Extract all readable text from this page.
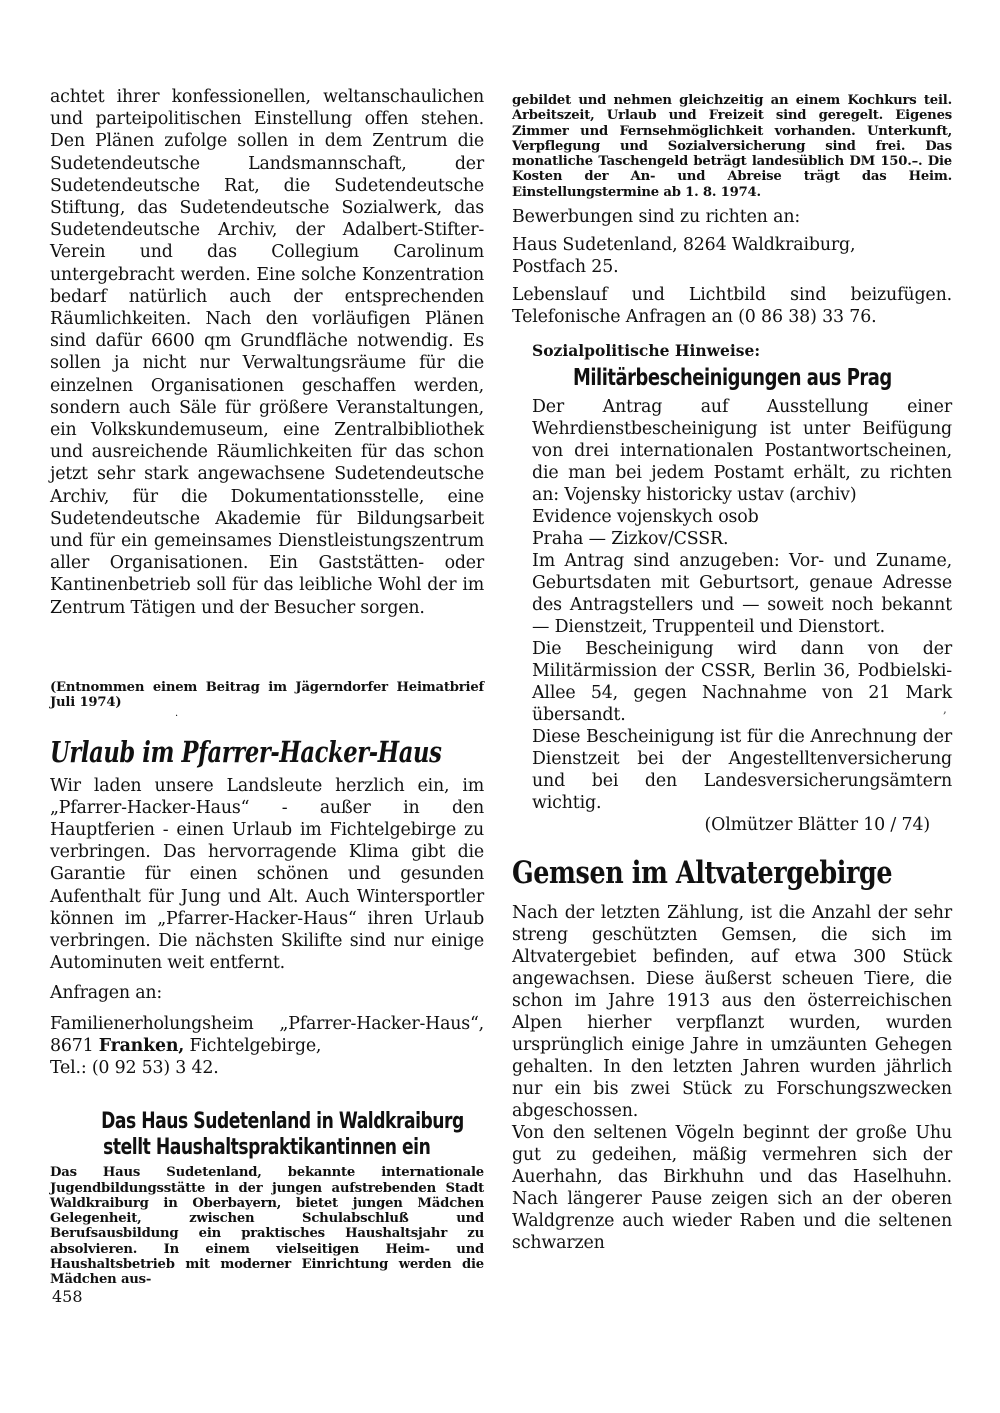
achtet ihrer konfessionellen, weltanschaulichen und parteipolitischen Einstellung offen stehen. Den Plänen zufolge sollen in dem Zentrum die Sudetendeutsche Landsmannschaft, der Sudetendeutsche Rat, die Sudetendeutsche Stiftung, das Sudetendeutsche Sozialwerk, das Sudetendeutsche Archiv, der Adalbert-Stifter-Verein und das Collegium Carolinum untergebracht werden. Eine solche Konzentration bedarf natürlich auch der entsprechenden Räumlichkeiten. Nach den vorläufigen Plänen sind dafür 6600 qm Grundfläche notwendig. Es sollen ja nicht nur Verwaltungsräume für die einzelnen Organisationen geschaffen werden, sondern auch Säle für größere Veranstaltungen, ein Volkskundemuseum, eine Zentralbibliothek und ausreichende Räumlichkeiten für das schon jetzt sehr stark angewachsene Sudetendeutsche Archiv, für die Dokumentationsstelle, eine Sudetendeutsche Akademie für Bildungsarbeit und für ein gemeinsames Dienstleistungszentrum aller Organisationen. Ein Gaststätten- oder Kantinenbetrieb soll für das leibliche Wohl der im Zentrum Tätigen und der Besucher sorgen.

(Entnommen einem Beitrag im Jägerndorfer Heimatbrief Juli 1974)

Urlaub im Pfarrer-Hacker-Haus

Wir laden unsere Landsleute herzlich ein, im „Pfarrer-Hacker-Haus“ - außer in den Hauptferien - einen Urlaub im Fichtelgebirge zu verbringen. Das hervorragende Klima gibt die Garantie für einen schönen und gesunden Aufenthalt für Jung und Alt. Auch Wintersportler können im „Pfarrer-Hacker-Haus“ ihren Urlaub verbringen. Die nächsten Skilifte sind nur einige Autominuten weit entfernt.

Anfragen an:

Familienerholungsheim „Pfarrer-Hacker-Haus“, 8671 Franken, Fichtelgebirge,

Tel.: (0 92 53) 3 42.

Das Haus Sudetenland in Waldkraiburg
stellt Haushaltspraktikantinnen ein

Das Haus Sudetenland, bekannte internationale Jugendbildungsstätte in der jungen aufstrebenden Stadt Waldkraiburg in Oberbayern, bietet jungen Mädchen Gelegenheit, zwischen Schulabschluß und Berufsausbildung ein praktisches Haushaltsjahr zu absolvieren. In einem vielseitigen Heim- und Haushaltsbetrieb mit moderner Einrichtung werden die Mädchen aus-

gebildet und nehmen gleichzeitig an einem Kochkurs teil. Arbeitszeit, Urlaub und Freizeit sind geregelt. Eigenes Zimmer und Fernsehmöglichkeit vorhanden. Unterkunft, Verpflegung und Sozialversicherung sind frei. Das monatliche Taschengeld beträgt landesüblich DM 150.–. Die Kosten der An- und Abreise trägt das Heim. Einstellungstermine ab 1. 8. 1974.

Bewerbungen sind zu richten an:

Haus Sudetenland, 8264 Waldkraiburg, Postfach 25.

Lebenslauf und Lichtbild sind beizufügen. Telefonische Anfragen an (0 86 38) 33 76.

Sozialpolitische Hinweise:
Militärbescheinigungen aus Prag

Der Antrag auf Ausstellung einer Wehrdienstbescheinigung ist unter Beifügung von drei internationalen Postantwortscheinen, die man bei jedem Postamt erhält, zu richten an: Vojensky historicky ustav (archiv)

Evidence vojenskych osob

Praha — Zizkov/CSSR.

Im Antrag sind anzugeben: Vor- und Zuname, Geburtsdaten mit Geburtsort, genaue Adresse des Antragstellers und — soweit noch bekannt — Dienstzeit, Truppenteil und Dienstort.

Die Bescheinigung wird dann von der Militärmission der CSSR, Berlin 36, Podbielski-Allee 54, gegen Nachnahme von 21 Mark übersandt.

Diese Bescheinigung ist für die Anrechnung der Dienstzeit bei der Angestelltenversicherung und bei den Landesversicherungsämtern wichtig.

(Olmützer Blätter 10 / 74)

Gemsen im Altvatergebirge

Nach der letzten Zählung, ist die Anzahl der sehr streng geschützten Gemsen, die sich im Altvatergebiet befinden, auf etwa 300 Stück angewachsen. Diese äußerst scheuen Tiere, die schon im Jahre 1913 aus den österreichischen Alpen hierher verpflanzt wurden, wurden ursprünglich einige Jahre in umzäunten Gehegen gehalten. In den letzten Jahren wurden jährlich nur ein bis zwei Stück zu Forschungszwecken abgeschossen.

Von den seltenen Vögeln beginnt der große Uhu gut zu gedeihen, mäßig vermehren sich der Auerhahn, das Birkhuhn und das Haselhuhn. Nach längerer Pause zeigen sich an der oberen Waldgrenze auch wieder Raben und die seltenen schwarzen

·
,
458
